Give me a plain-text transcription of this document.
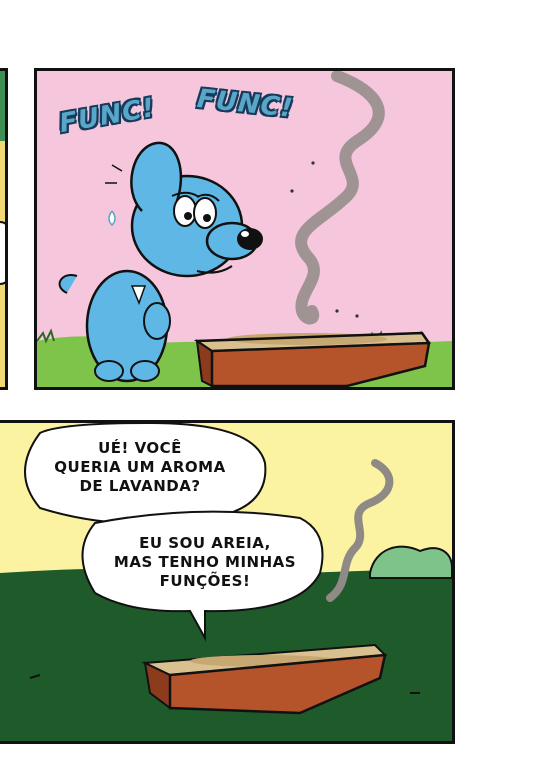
FUNC! FUNC!
UÉ! VOCÊ
QUERIA UM AROMA
DE LAVANDA?
EU SOU AREIA,
MAS TENHO MINHAS
FUNÇÕES!
